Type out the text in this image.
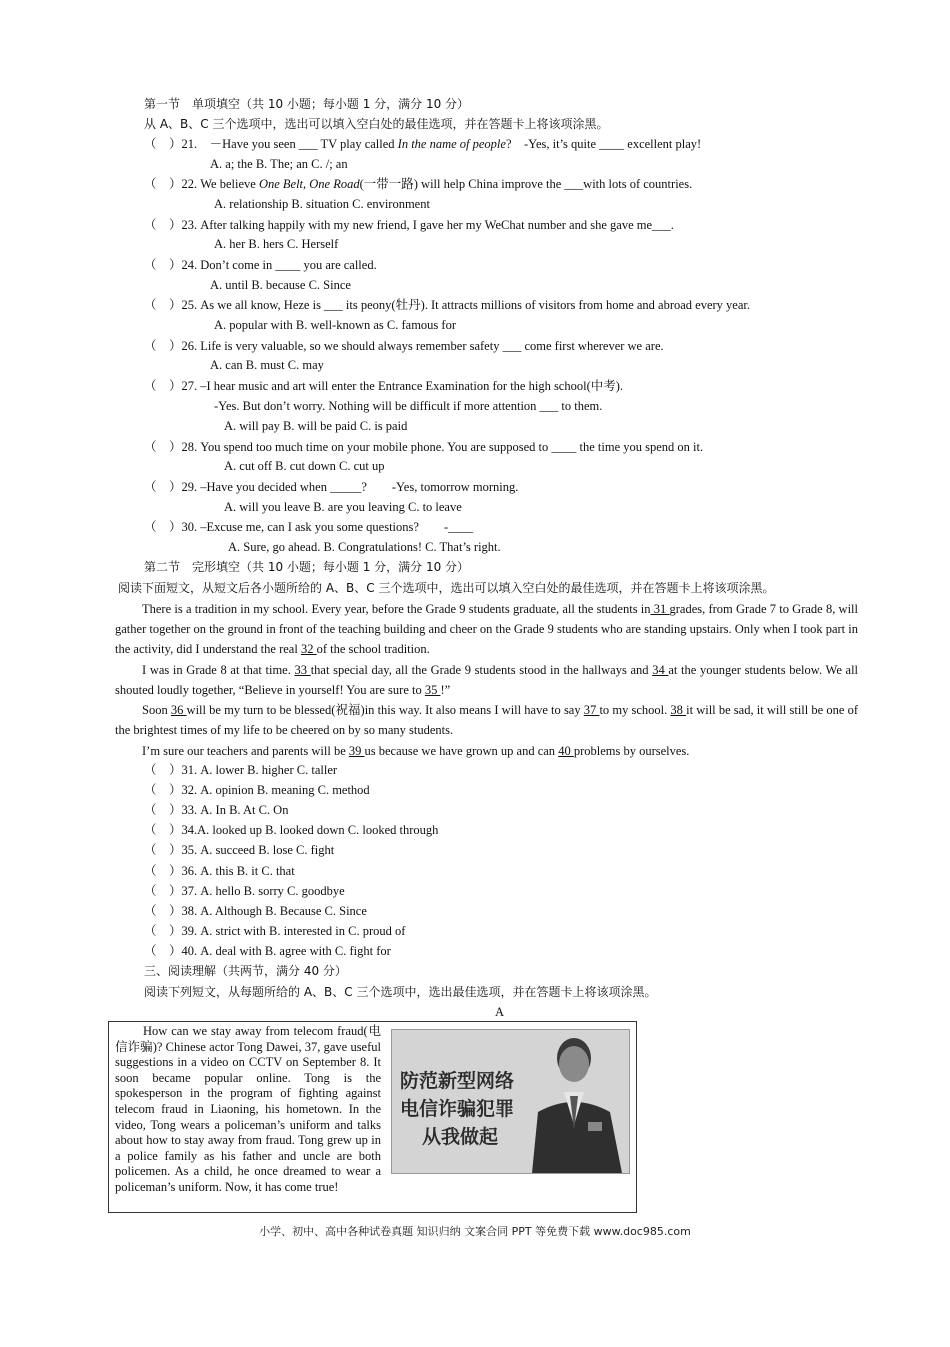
第一节　单项填空（共 10 小题；每小题 1 分，满分 10 分）
从 A、B、C 三个选项中，选出可以填入空白处的最佳选项，并在答题卡上将该项涂黑。
（　）21.　－Have you seen ___ TV play called In the name of people?　-Yes, it’s quite ____ excellent play!
A. a; the B. The; an C. /; an
（　）22. We believe One Belt, One Road(一带一路) will help China improve the ___with lots of countries.
A. relationship B. situation C. environment
（　）23. After talking happily with my new friend, I gave her my WeChat number and she gave me___.
A. her B. hers C. Herself
（　）24. Don’t come in ____ you are called.
A. until B. because C. Since
（　）25. As we all know, Heze is ___ its peony(牡丹). It attracts millions of visitors from home and abroad every year.
A. popular with B. well-known as C. famous for
（　）26. Life is very valuable, so we should always remember safety ___ come first wherever we are.
A. can B. must C. may
（　）27. –I hear music and art will enter the Entrance Examination for the high school(中考).
-Yes. But don’t worry. Nothing will be difficult if more attention ___ to them.
A. will pay B. will be paid C. is paid
（　）28. You spend too much time on your mobile phone. You are supposed to ____ the time you spend on it.
A. cut off B. cut down C. cut up
（　）29. –Have you decided when _____?　　-Yes, tomorrow morning.
A. will you leave B. are you leaving C. to leave
（　）30. –Excuse me, can I ask you some questions?　　-____
A. Sure, go ahead. B. Congratulations! C. That’s right.
第二节　完形填空（共 10 小题；每小题 1 分，满分 10 分）
阅读下面短文，从短文后各小题所给的 A、B、C 三个选项中，选出可以填入空白处的最佳选项，并在答题卡上将该项涂黑。
There is a tradition in my school. Every year, before the Grade 9 students graduate, all the students in 31 grades, from Grade 7 to Grade 8, will gather together on the ground in front of the teaching building and cheer on the Grade 9 students who are standing upstairs. Only when I took part in the activity, did I understand the real 32 of the school tradition.
I was in Grade 8 at that time. 33 that special day, all the Grade 9 students stood in the hallways and 34 at the younger students below. We all shouted loudly together, “Believe in yourself! You are sure to 35 !”
Soon 36 will be my turn to be blessed(祝福)in this way. It also means I will have to say 37 to my school. 38 it will be sad, it will still be one of the brightest times of my life to be cheered on by so many students.
I’m sure our teachers and parents will be 39 us because we have grown up and can 40 problems by ourselves.
（　）31. A. lower B. higher C. taller
（　）32. A. opinion B. meaning C. method
（　）33. A. In B. At C. On
（　）34.A. looked up B. looked down C. looked through
（　）35. A. succeed B. lose C. fight
（　）36. A. this B. it C. that
（　）37. A. hello B. sorry C. goodbye
（　）38. A. Although B. Because C. Since
（　）39. A. strict with B. interested in C. proud of
（　）40. A. deal with B. agree with C. fight for
三、阅读理解（共两节，满分 40 分）
阅读下列短文，从每题所给的 A、B、C 三个选项中，选出最佳选项，并在答题卡上将该项涂黑。
A
How can we stay away from telecom fraud(电信诈骗)? Chinese actor Tong Dawei, 37, gave useful suggestions in a video on CCTV on September 8. It soon became popular online. Tong is the spokesperson in the program of fighting against telecom fraud in Liaoning, his hometown. In the video, Tong wears a policeman’s uniform and talks about how to stay away from fraud. Tong grew up in a police family as his father and uncle are both policemen. As a child, he once dreamed to wear a policeman’s uniform. Now, it has come true!
防范新型网络
电信诈骗犯罪
从我做起
小学、初中、高中各种试卷真题 知识归纳 文案合同 PPT 等免费下载 www.doc985.com
